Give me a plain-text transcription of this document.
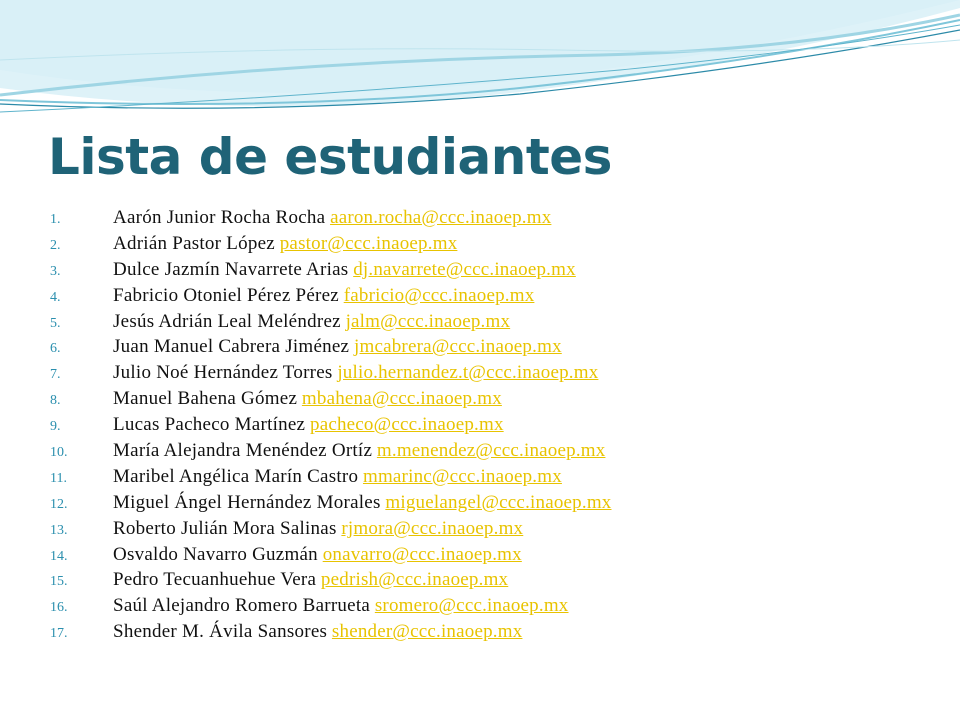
Lista de estudiantes
1.	Aarón Junior Rocha Rocha aaron.rocha@ccc.inaoep.mx
2.	Adrián Pastor López pastor@ccc.inaoep.mx
3.	Dulce Jazmín Navarrete Arias dj.navarrete@ccc.inaoep.mx
4.	Fabricio Otoniel Pérez Pérez fabricio@ccc.inaoep.mx
5.	Jesús Adrián Leal Meléndrez jalm@ccc.inaoep.mx
6.	Juan Manuel Cabrera Jiménez jmcabrera@ccc.inaoep.mx
7.	Julio Noé Hernández Torres julio.hernandez.t@ccc.inaoep.mx
8.	Manuel Bahena Gómez mbahena@ccc.inaoep.mx
9.	Lucas Pacheco Martínez pacheco@ccc.inaoep.mx
10. María Alejandra Menéndez Ortíz m.menendez@ccc.inaoep.mx
11. Maribel Angélica Marín Castro mmarinc@ccc.inaoep.mx
12. Miguel Ángel Hernández Morales miguelangel@ccc.inaoep.mx
13. Roberto Julián Mora Salinas rjmora@ccc.inaoep.mx
14. Osvaldo Navarro Guzmán onavarro@ccc.inaoep.mx
15. Pedro Tecuanhuehue Vera pedrish@ccc.inaoep.mx
16. Saúl Alejandro Romero Barrueta sromero@ccc.inaoep.mx
17. Shender M. Ávila Sansores shender@ccc.inaoep.mx
